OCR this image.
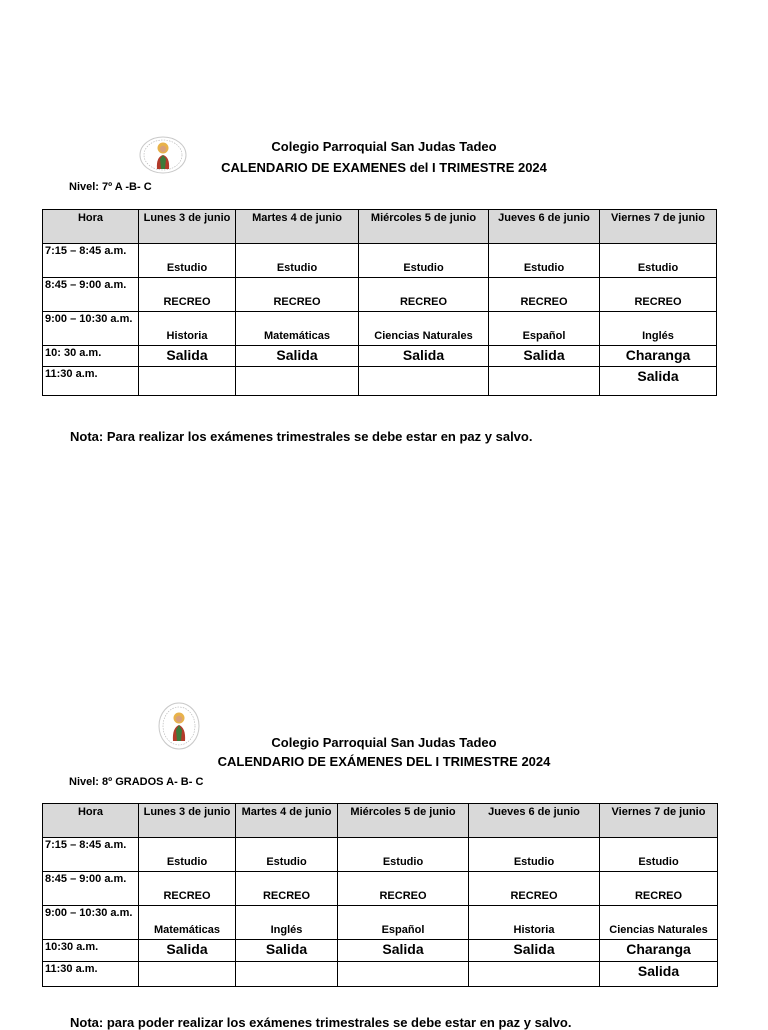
Colegio Parroquial San Judas Tadeo
CALENDARIO DE EXAMENES del I TRIMESTRE 2024
Nivel: 7º A -B- C
Hora	Lunes 3 de junio	Martes 4 de junio	Miércoles 5 de junio	Jueves 6 de junio	Viernes 7 de junio
7:15 – 8:45 a.m.	Estudio	Estudio	Estudio	Estudio	Estudio
8:45 – 9:00 a.m.	RECREO	RECREO	RECREO	RECREO	RECREO
9:00 – 10:30 a.m.	Historia	Matemáticas	Ciencias Naturales	Español	Inglés
10: 30 a.m.	Salida	Salida	Salida	Salida	Charanga
11:30 a.m.					Salida
Nota: Para realizar los exámenes trimestrales se debe estar en paz y salvo.
Colegio Parroquial San Judas Tadeo
CALENDARIO DE EXÁMENES DEL I TRIMESTRE 2024
Nivel: 8º GRADOS A- B- C
Hora	Lunes 3 de junio	Martes 4 de junio	Miércoles 5 de junio	Jueves 6 de junio	Viernes 7 de junio
7:15 – 8:45 a.m.	Estudio	Estudio	Estudio	Estudio	Estudio
8:45 – 9:00 a.m.	RECREO	RECREO	RECREO	RECREO	RECREO
9:00 – 10:30 a.m.	Matemáticas	Inglés	Español	Historia	Ciencias Naturales
10:30 a.m.	Salida	Salida	Salida	Salida	Charanga
11:30 a.m.					Salida
Nota: para poder realizar los exámenes trimestrales se debe estar en paz y salvo.
